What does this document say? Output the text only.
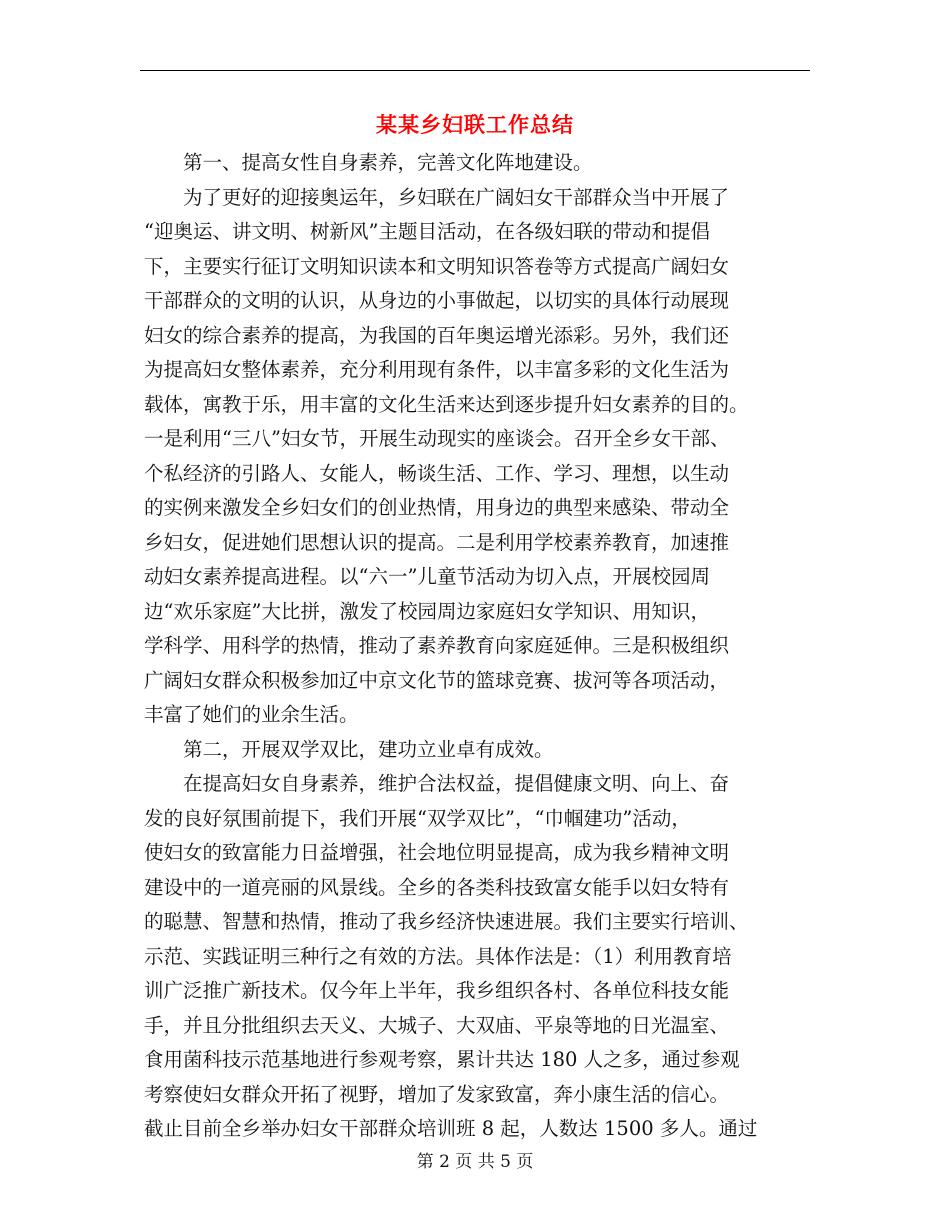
某某乡妇联工作总结
第一、提高女性自身素养，完善文化阵地建设。
为了更好的迎接奥运年，乡妇联在广阔妇女干部群众当中开展了
“迎奥运、讲文明、树新风”主题目活动，在各级妇联的带动和提倡
下，主要实行征订文明知识读本和文明知识答卷等方式提高广阔妇女
干部群众的文明的认识，从身边的小事做起，以切实的具体行动展现
妇女的综合素养的提高，为我国的百年奥运增光添彩。另外，我们还
为提高妇女整体素养，充分利用现有条件，以丰富多彩的文化生活为
载体，寓教于乐，用丰富的文化生活来达到逐步提升妇女素养的目的。
一是利用“三八”妇女节，开展生动现实的座谈会。召开全乡女干部、
个私经济的引路人、女能人，畅谈生活、工作、学习、理想，以生动
的实例来激发全乡妇女们的创业热情，用身边的典型来感染、带动全
乡妇女，促进她们思想认识的提高。二是利用学校素养教育，加速推
动妇女素养提高进程。以“六一”儿童节活动为切入点，开展校园周
边“欢乐家庭”大比拼，激发了校园周边家庭妇女学知识、用知识，
学科学、用科学的热情，推动了素养教育向家庭延伸。三是积极组织
广阔妇女群众积极参加辽中京文化节的篮球竞赛、拔河等各项活动，
丰富了她们的业余生活。
第二，开展双学双比，建功立业卓有成效。
在提高妇女自身素养，维护合法权益，提倡健康文明、向上、奋
发的良好氛围前提下，我们开展“双学双比”，“巾帼建功”活动，
使妇女的致富能力日益增强，社会地位明显提高，成为我乡精神文明
建设中的一道亮丽的风景线。全乡的各类科技致富女能手以妇女特有
的聪慧、智慧和热情，推动了我乡经济快速进展。我们主要实行培训、
示范、实践证明三种行之有效的方法。具体作法是：（1）利用教育培
训广泛推广新技术。仅今年上半年，我乡组织各村、各单位科技女能
手，并且分批组织去天义、大城子、大双庙、平泉等地的日光温室、
食用菌科技示范基地进行参观考察，累计共达 180 人之多，通过参观
考察使妇女群众开拓了视野，增加了发家致富，奔小康生活的信心。
截止目前全乡举办妇女干部群众培训班 8 起，人数达 1500 多人。通过
第 2 页 共 5 页
